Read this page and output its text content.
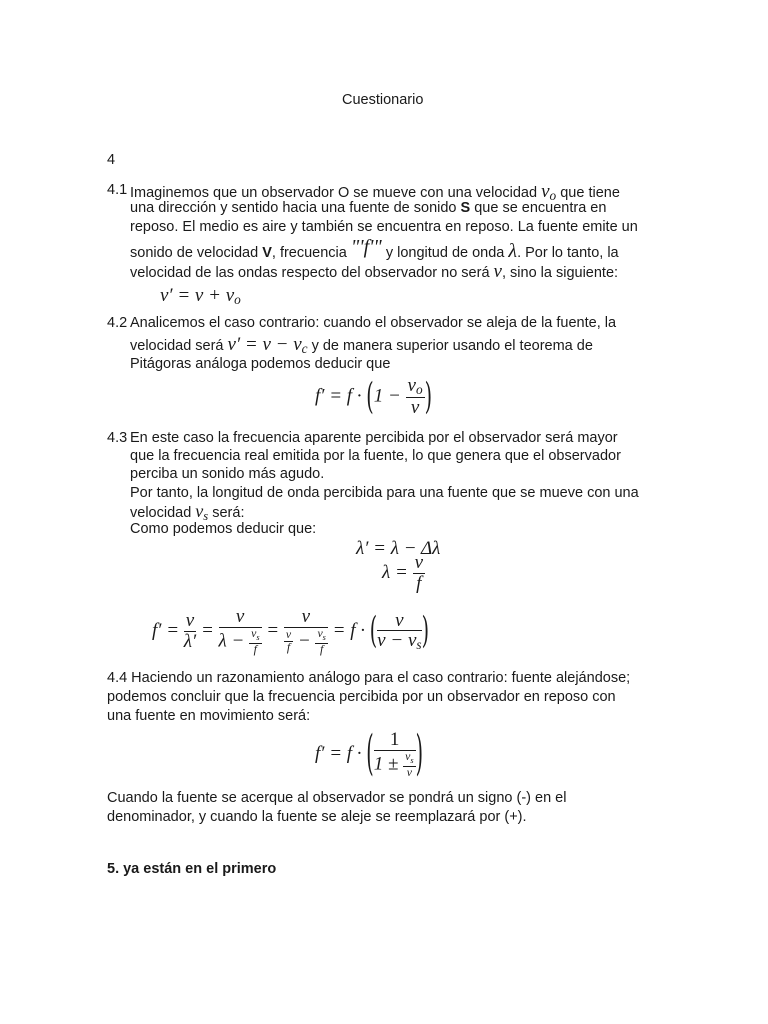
Cuestionario
4
4.1 Imaginemos que un observador O se mueve con una velocidad $v_o$ que tiene
una dirección y sentido hacia una fuente de sonido S que se encuentra en
reposo. El medio es aire y también se encuentra en reposo. La fuente emite un
sonido de velocidad V, frecuencia "'f'" y longitud de onda λ. Por lo tanto, la
velocidad de las ondas respecto del observador no será v, sino la siguiente:
$v' = v + v_o$
4.2 Analicemos el caso contrario: cuando el observador se aleja de la fuente, la
velocidad será $v' = v - v_c$ y de manera superior usando el teorema de
Pitágoras análoga podemos deducir que
$f' = f \cdot (1 - \frac{v_o}{v}$ )
4.3 En este caso la frecuencia aparente percibida por el observador será mayor
que la frecuencia real emitida por la fuente, lo que genera que el observador
perciba un sonido más agudo.
Por tanto, la longitud de onda percibida para una fuente que se mueve con una
velocidad $v_s$ será:
Como podemos deducir que:
λ′ = λ − Δλ
$\lambda = \frac{v}{f}$
$f' = \frac{v}{\lambda'} = \frac{v}{\lambda - \frac{v_s}{f}} = \frac{v}{\frac{v}{f} - \frac{v_s}{f}} = f$ · ( $\frac{v}{v - v_s}$ )
4.4 Haciendo un razonamiento análogo para el caso contrario: fuente alejándose;
podemos concluir que la frecuencia percibida por un observador en reposo con
una fuente en movimiento será:
f′ = f · ( $\frac{1}{1 \pm \frac{v_s}{v}}$ )
Cuando la fuente se acerque al observador se pondrá un signo (-) en el
denominador, y cuando la fuente se aleje se reemplazará por (+).
5. ya están en el primero
